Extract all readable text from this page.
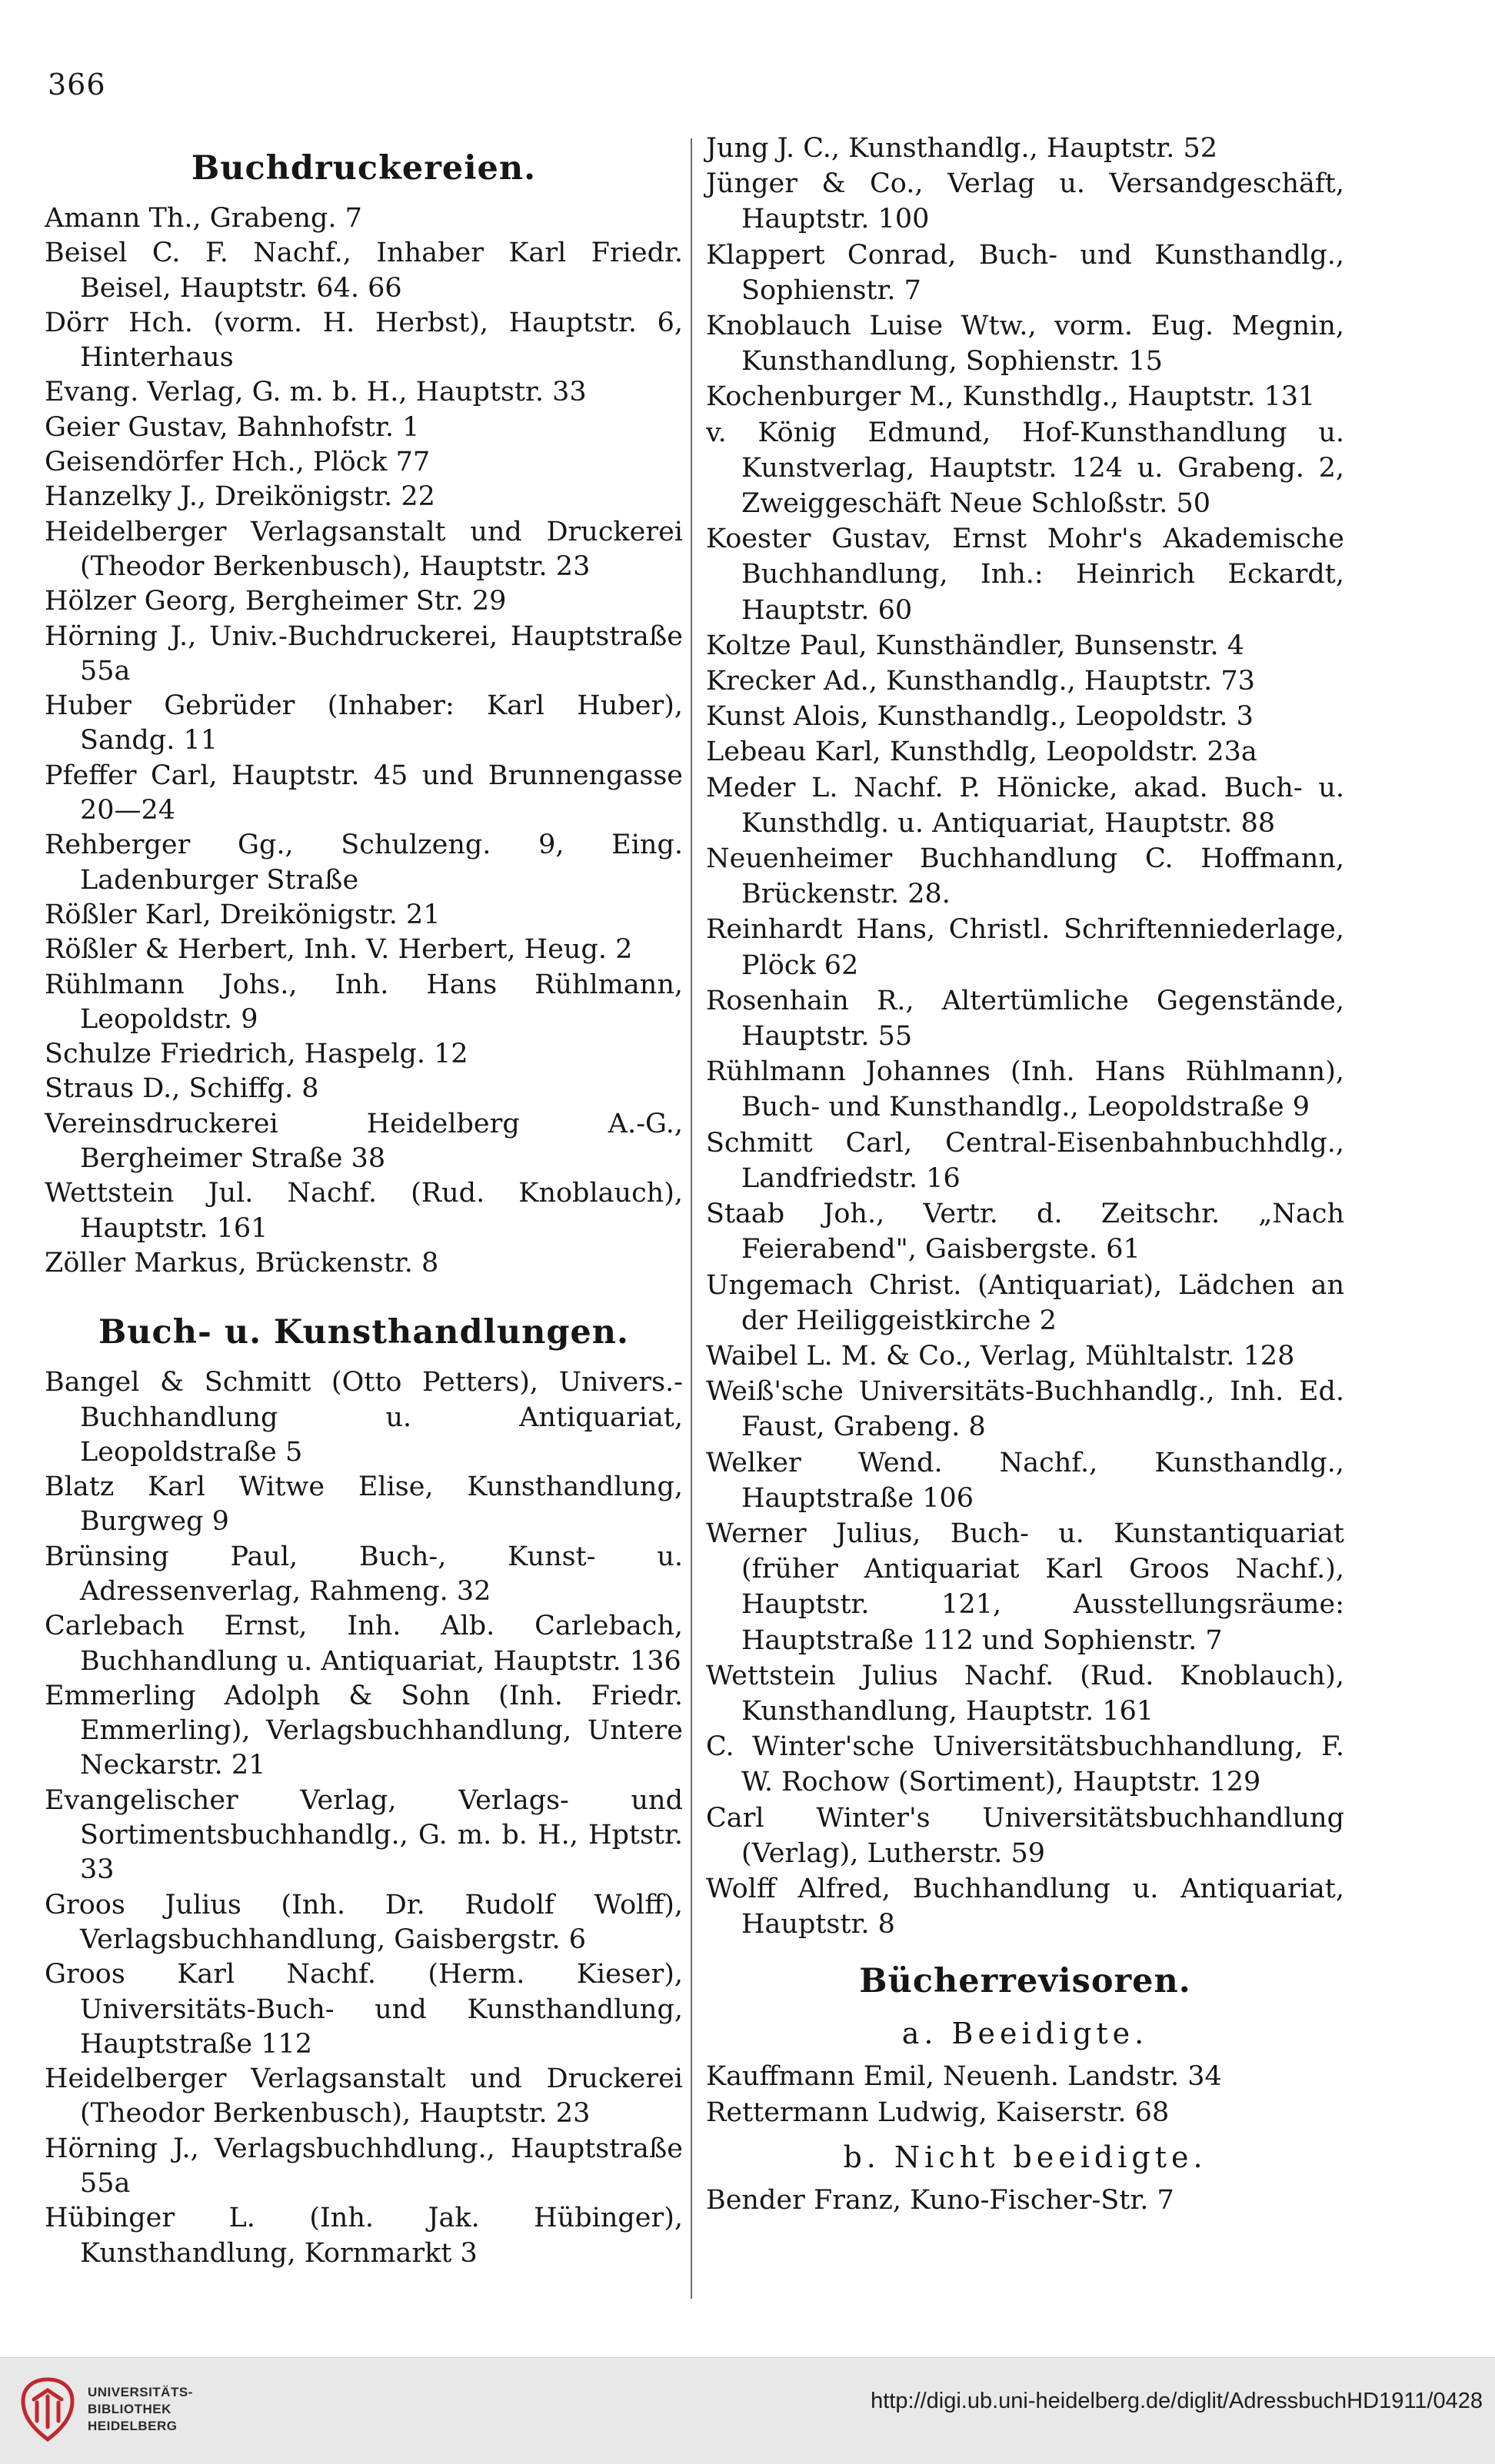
366
Buchdruckereien.

Amann Th., Grabeng. 7

Beisel C. F. Nachf., Inhaber Karl Friedr. Beisel, Hauptstr. 64. 66

Dörr Hch. (vorm. H. Herbst), Hauptstr. 6, Hinterhaus

Evang. Verlag, G. m. b. H., Hauptstr. 33

Geier Gustav, Bahnhofstr. 1

Geisendörfer Hch., Plöck 77

Hanzelky J., Dreikönigstr. 22

Heidelberger Verlagsanstalt und Druckerei (Theodor Berkenbusch), Hauptstr. 23

Hölzer Georg, Bergheimer Str. 29

Hörning J., Univ.-Buchdruckerei, Hauptstraße 55a

Huber Gebrüder (Inhaber: Karl Huber), Sandg. 11

Pfeffer Carl, Hauptstr. 45 und Brunnengasse 20—24

Rehberger Gg., Schulzeng. 9, Eing. Ladenburger Straße

Rößler Karl, Dreikönigstr. 21

Rößler & Herbert, Inh. V. Herbert, Heug. 2

Rühlmann Johs., Inh. Hans Rühlmann, Leopoldstr. 9

Schulze Friedrich, Haspelg. 12

Straus D., Schiffg. 8

Vereinsdruckerei Heidelberg A.-G., Bergheimer Straße 38

Wettstein Jul. Nachf. (Rud. Knoblauch), Hauptstr. 161

Zöller Markus, Brückenstr. 8

Buch- u. Kunsthandlungen.

Bangel & Schmitt (Otto Petters), Univers.-Buchhandlung u. Antiquariat, Leopoldstraße 5

Blatz Karl Witwe Elise, Kunsthandlung, Burgweg 9

Brünsing Paul, Buch-, Kunst- u. Adressenverlag, Rahmeng. 32

Carlebach Ernst, Inh. Alb. Carlebach, Buchhandlung u. Antiquariat, Hauptstr. 136

Emmerling Adolph & Sohn (Inh. Friedr. Emmerling), Verlagsbuchhandlung, Untere Neckarstr. 21

Evangelischer Verlag, Verlags- und Sortimentsbuchhandlg., G. m. b. H., Hptstr. 33

Groos Julius (Inh. Dr. Rudolf Wolff), Verlagsbuchhandlung, Gaisbergstr. 6

Groos Karl Nachf. (Herm. Kieser), Universitäts-Buch- und Kunsthandlung, Hauptstraße 112

Heidelberger Verlagsanstalt und Druckerei (Theodor Berkenbusch), Hauptstr. 23

Hörning J., Verlagsbuchhdlung., Hauptstraße 55a

Hübinger L. (Inh. Jak. Hübinger), Kunsthandlung, Kornmarkt 3

Jung J. C., Kunsthandlg., Hauptstr. 52

Jünger & Co., Verlag u. Versandgeschäft, Hauptstr. 100

Klappert Conrad, Buch- und Kunsthandlg., Sophienstr. 7

Knoblauch Luise Wtw., vorm. Eug. Megnin, Kunsthandlung, Sophienstr. 15

Kochenburger M., Kunsthdlg., Hauptstr. 131

v. König Edmund, Hof-Kunsthandlung u. Kunstverlag, Hauptstr. 124 u. Grabeng. 2, Zweiggeschäft Neue Schloßstr. 50

Koester Gustav, Ernst Mohr's Akademische Buchhandlung, Inh.: Heinrich Eckardt, Hauptstr. 60

Koltze Paul, Kunsthändler, Bunsenstr. 4

Krecker Ad., Kunsthandlg., Hauptstr. 73

Kunst Alois, Kunsthandlg., Leopoldstr. 3

Lebeau Karl, Kunsthdlg, Leopoldstr. 23a

Meder L. Nachf. P. Hönicke, akad. Buch- u. Kunsthdlg. u. Antiquariat, Hauptstr. 88

Neuenheimer Buchhandlung C. Hoffmann, Brückenstr. 28.

Reinhardt Hans, Christl. Schriftenniederlage, Plöck 62

Rosenhain R., Altertümliche Gegenstände, Hauptstr. 55

Rühlmann Johannes (Inh. Hans Rühlmann), Buch- und Kunsthandlg., Leopoldstraße 9

Schmitt Carl, Central-Eisenbahnbuchhdlg., Landfriedstr. 16

Staab Joh., Vertr. d. Zeitschr. „Nach Feierabend", Gaisbergste. 61

Ungemach Christ. (Antiquariat), Lädchen an der Heiliggeistkirche 2

Waibel L. M. & Co., Verlag, Mühltalstr. 128

Weiß'sche Universitäts-Buchhandlg., Inh. Ed. Faust, Grabeng. 8

Welker Wend. Nachf., Kunsthandlg., Hauptstraße 106

Werner Julius, Buch- u. Kunstantiquariat (früher Antiquariat Karl Groos Nachf.), Hauptstr. 121, Ausstellungsräume: Hauptstraße 112 und Sophienstr. 7

Wettstein Julius Nachf. (Rud. Knoblauch), Kunsthandlung, Hauptstr. 161

C. Winter'sche Universitätsbuchhandlung, F. W. Rochow (Sortiment), Hauptstr. 129

Carl Winter's Universitätsbuchhandlung (Verlag), Lutherstr. 59

Wolff Alfred, Buchhandlung u. Antiquariat, Hauptstr. 8

Bücherrevisoren.
a. Beeidigte.

Kauffmann Emil, Neuenh. Landstr. 34

Rettermann Ludwig, Kaiserstr. 68

b. Nicht beeidigte.

Bender Franz, Kuno-Fischer-Str. 7

UNIVERSITÄTS-
BIBLIOTHEK
HEIDELBERG
http://digi.ub.uni-heidelberg.de/diglit/AdressbuchHD1911/0428
